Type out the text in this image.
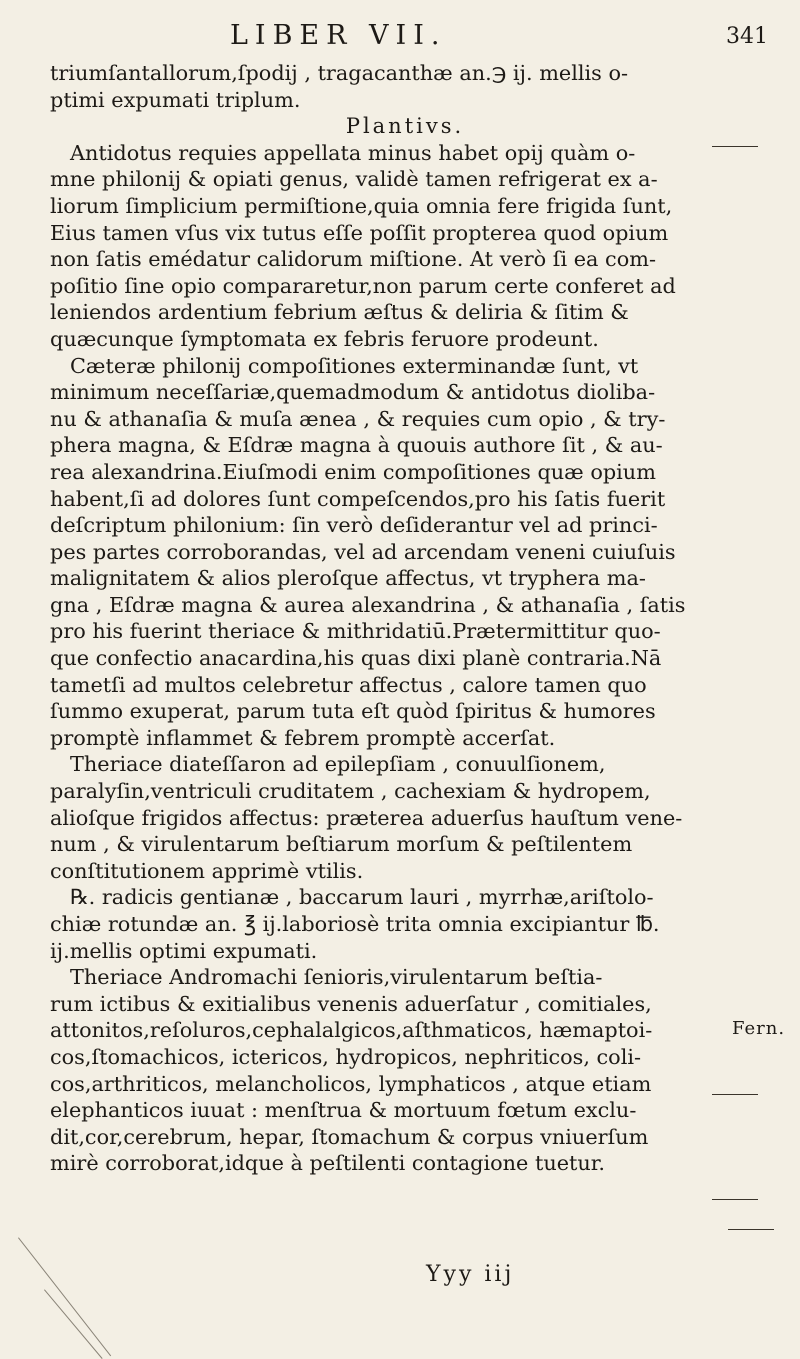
LIBER VII.	341
triumſantallorum,ſpodij , tragacanthæ an.℈ ij. mellis o-
ptimi expumati triplum.
Plantivs.
Antidotus requies appellata minus habet opij quàm o-
mne philonij & opiati genus, validè tamen refrigerat ex a-
liorum ſimplicium permiſtione,quia omnia fere frigida ſunt,
Eius tamen vſus vix tutus eſſe poſſit propterea quod opium
non ſatis emédatur calidorum miſtione. At verò ſi ea com-
poſitio ſine opio compararetur,non parum certe conferet ad
leniendos ardentium febrium æſtus & deliria & ſitim &
quæcunque ſymptomata ex febris feruore prodeunt.
Cæteræ philonij compoſitiones exterminandæ ſunt, vt
minimum neceſſariæ,quemadmodum & antidotus dioliba-
nu & athanaſia & muſa ænea , & requies cum opio , & try-
phera magna, & Eſdræ magna à quouis authore ſit , & au-
rea alexandrina.Eiuſmodi enim compoſitiones quæ opium
habent,ſi ad dolores ſunt compeſcendos,pro his ſatis fuerit
deſcriptum philonium: ſin verò deſiderantur vel ad princi-
pes partes corroborandas, vel ad arcendam veneni cuiuſuis
malignitatem & alios pleroſque affectus, vt tryphera ma-
gna , Eſdræ magna & aurea alexandrina , & athanaſia , ſatis
pro his fuerint theriace & mithridatiū.Prætermittitur quo-
que confectio anacardina,his quas dixi planè contraria.Nā
tametſi ad multos celebretur affectus , calore tamen quo
ſummo exuperat, parum tuta eſt quòd ſpiritus & humores
promptè inflammet & febrem promptè accerſat.
Theriace diateſſaron ad epilepſiam , conuulſionem,
paralyſin,ventriculi cruditatem , cachexiam & hydropem,
alioſque frigidos affectus: præterea aduerſus hauſtum vene-
num , & virulentarum beſtiarum morſum & peſtilentem
conſtitutionem apprimè vtilis.
℞. radicis gentianæ , baccarum lauri , myrrhæ,ariſtolo-
chiæ rotundæ an. ℥ ij.laboriosè trita omnia excipiantur ℔.
ij.mellis optimi expumati.
Theriace Andromachi ſenioris,virulentarum beſtia-
rum ictibus & exitialibus venenis aduerſatur , comitiales,
attonitos,reſoluros,cephalalgicos,aſthmaticos, hæmaptoi-
cos,ſtomachicos, ictericos, hydropicos, nephriticos, coli-
cos,arthriticos, melancholicos, lymphaticos , atque etiam
elephanticos iuuat : menſtrua & mortuum fœtum exclu-
dit,cor,cerebrum, hepar, ſtomachum & corpus vniuerſum
mirè corroborat,idque à peſtilenti contagione tuetur.
Fern.
Yyy iij
